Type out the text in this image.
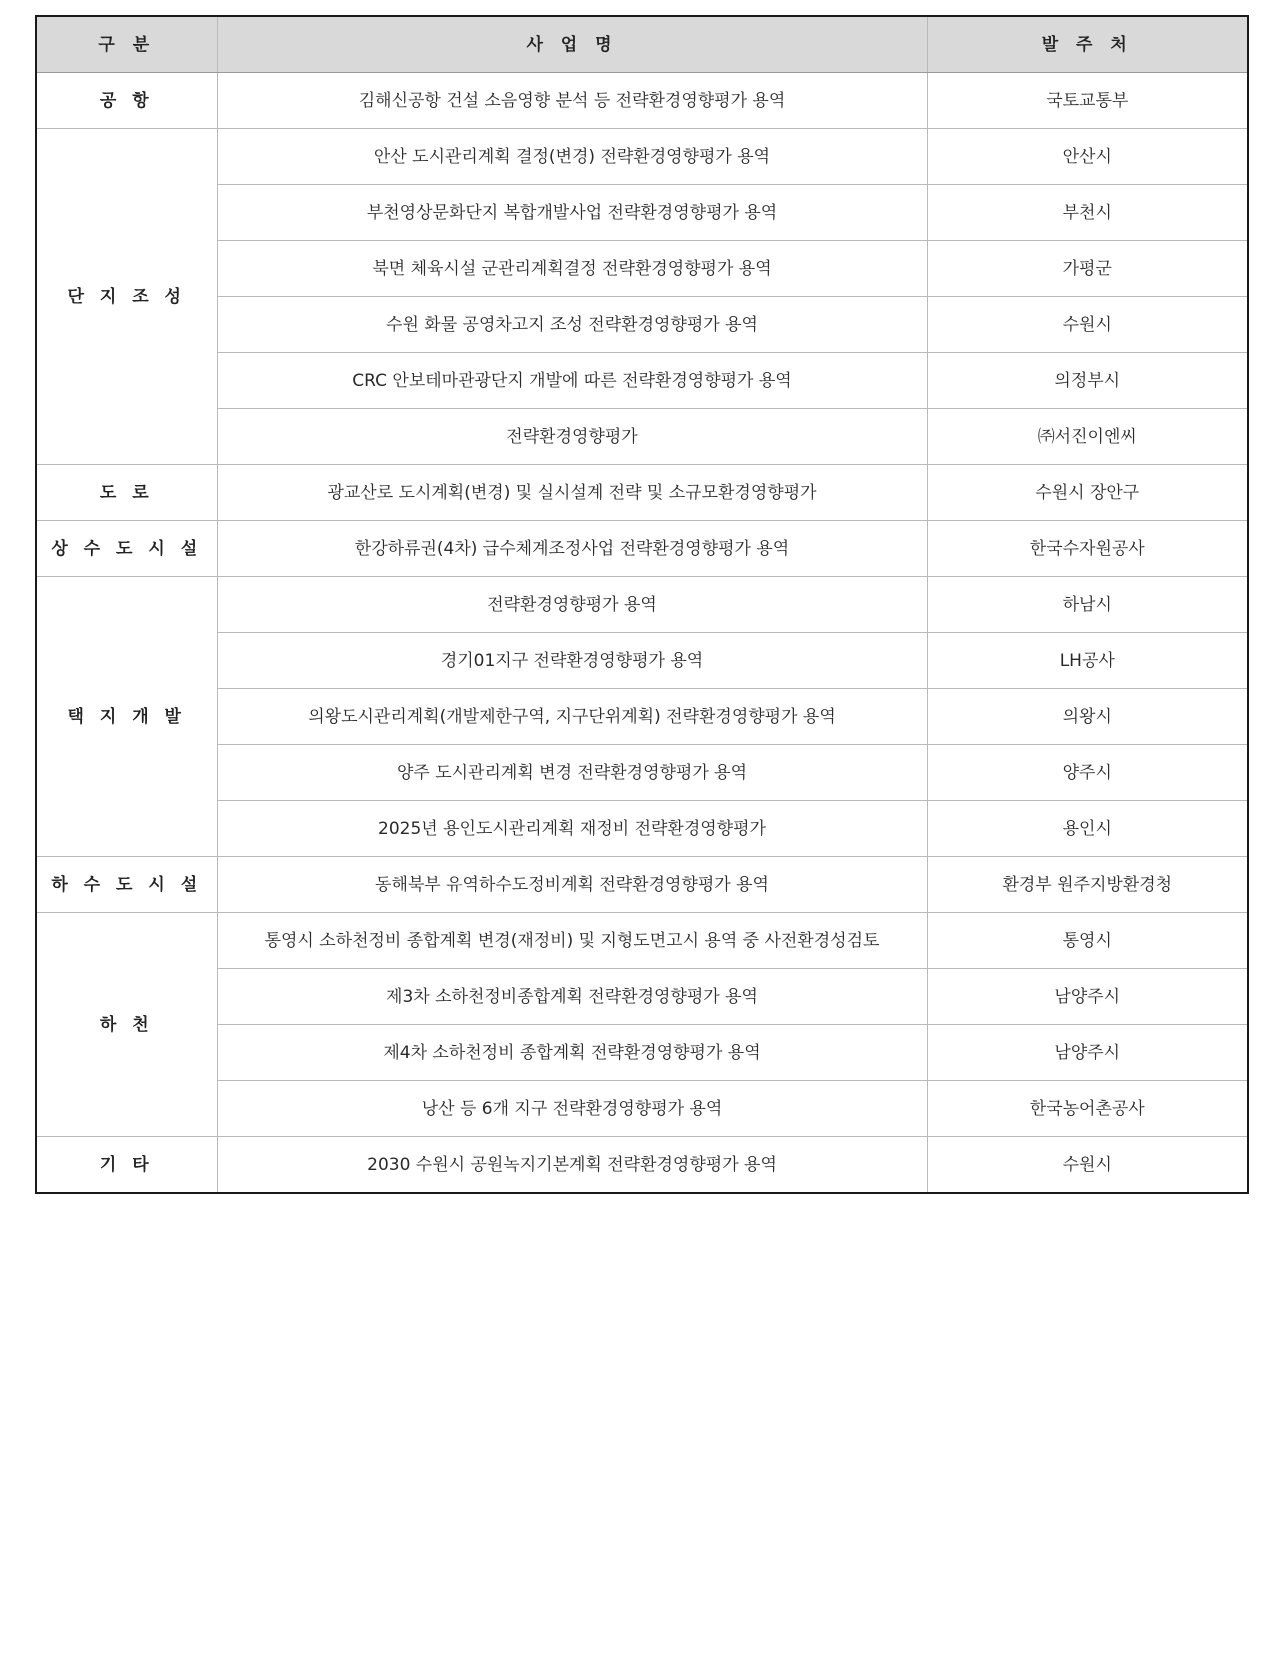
구 분	사 업 명	발 주 처
공 항	김해신공항 건설 소음영향 분석 등 전략환경영향평가 용역	국토교통부
단 지 조 성	안산 도시관리계획 결정(변경) 전략환경영향평가 용역	안산시
	부천영상문화단지 복합개발사업 전략환경영향평가 용역	부천시
	북면 체육시설 군관리계획결정 전략환경영향평가 용역	가평군
	수원 화물 공영차고지 조성 전략환경영향평가 용역	수원시
	CRC 안보테마관광단지 개발에 따른 전략환경영향평가 용역	의정부시
	전략환경영향평가	㈜서진이엔씨
도 로	광교산로 도시계획(변경) 및 실시설계 전략 및 소규모환경영향평가	수원시 장안구
상 수 도 시 설	한강하류권(4차) 급수체계조정사업 전략환경영향평가 용역	한국수자원공사
택 지 개 발	전략환경영향평가 용역	하남시
	경기01지구 전략환경영향평가 용역	LH공사
	의왕도시관리계획(개발제한구역, 지구단위계획) 전략환경영향평가 용역	의왕시
	양주 도시관리계획 변경 전략환경영향평가 용역	양주시
	2025년 용인도시관리계획 재정비 전략환경영향평가	용인시
하 수 도 시 설	동해북부 유역하수도정비계획 전략환경영향평가 용역	환경부 원주지방환경청
하 천	통영시 소하천정비 종합계획 변경(재정비) 및 지형도면고시 용역 중 사전환경성검토	통영시
	제3차 소하천정비종합계획 전략환경영향평가 용역	남양주시
	제4차 소하천정비 종합계획 전략환경영향평가 용역	남양주시
	낭산 등 6개 지구 전략환경영향평가 용역	한국농어촌공사
기 타	2030 수원시 공원녹지기본계획 전략환경영향평가 용역	수원시
